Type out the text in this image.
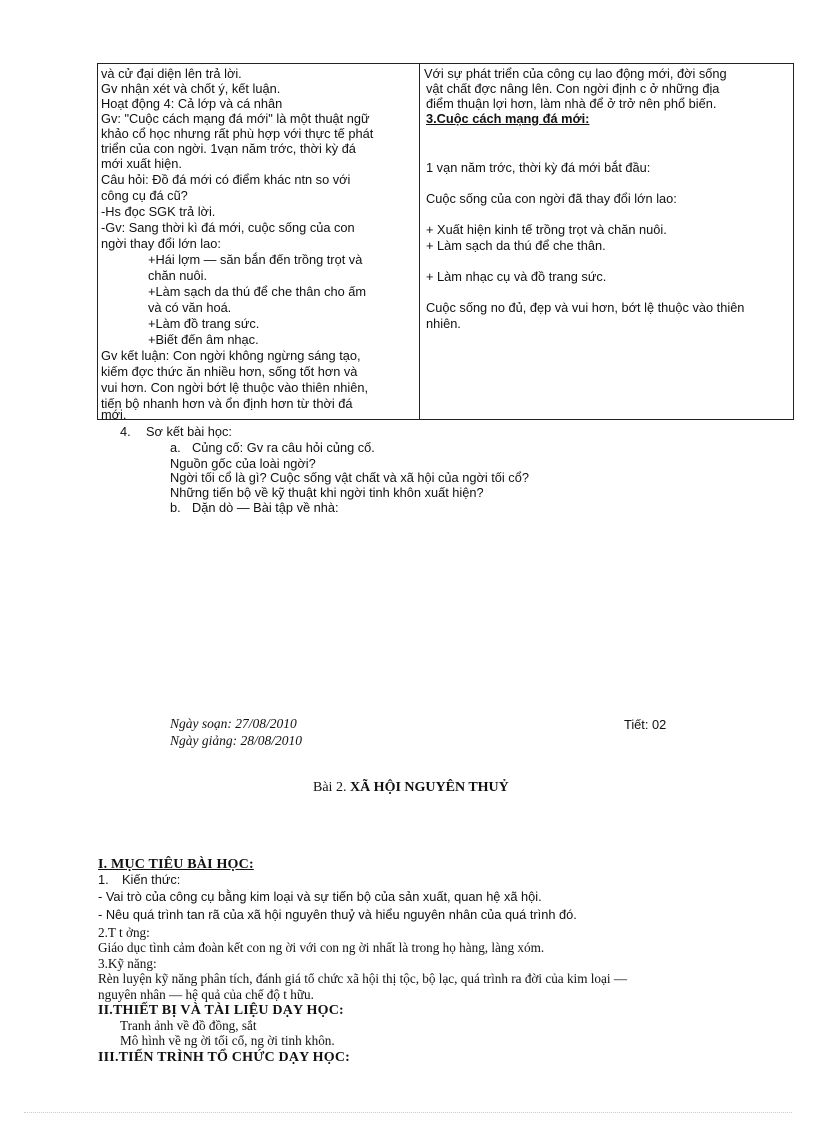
và cử đại diện lên trả lời.
Gv nhận xét và chốt ý, kết luận.
Hoạt động 4: Cả lớp và cá nhân
Gv: "Cuộc cách mạng đá mới" là một thuật ngữ
khảo cổ học nhưng rất phù hợp với thực tế phát
triển của con ngời. 1vạn năm trớc, thời kỳ đá
mới xuất hiện.
Câu hỏi: Đồ đá mới có điểm khác ntn so với
công cụ đá cũ?
-Hs đọc SGK trả lời.
-Gv: Sang thời kì đá mới, cuộc sống của con
ngời thay đổi lớn lao:
+Hái lợm — săn bắn đến trồng trọt và
chăn nuôi.
+Làm sạch da thú để che thân cho ấm
và có văn hoá.
+Làm đồ trang sức.
+Biết đến âm nhạc.
Gv kết luận: Con ngời không ngừng sáng tạo,
kiếm đợc thức ăn nhiều hơn, sống tốt hơn và
vui hơn. Con ngời bớt lệ thuộc vào thiên nhiên,
tiến bộ nhanh hơn và ổn định hơn từ thời đá
mới.

Với sự phát triển của công cụ lao động mới, đời sống
vật chất đợc nâng lên. Con ngời định c ở những địa
điểm thuận lợi hơn, làm nhà để ở trở nên phổ biến.
3.Cuộc cách mạng đá mới:
1 vạn năm trớc, thời kỳ đá mới bắt đầu:
Cuộc sống của con ngời đã thay đổi lớn lao:
+ Xuất hiện kinh tế trồng trọt và chăn nuôi.
+ Làm sạch da thú để che thân.
+ Làm nhạc cụ và đồ trang sức.
Cuộc sống no đủ, đẹp và vui hơn, bớt lệ thuộc vào thiên
nhiên.
4. Sơ kết bài học:
a. Củng cố: Gv ra câu hỏi củng cố.
Nguồn gốc của loài ngời?
Ngời tối cổ là gì? Cuộc sống vật chất và xã hội của ngời tối cổ?
Những tiến bộ về kỹ thuật khi ngời tinh khôn xuất hiện?
b. Dặn dò — Bài tập về nhà:
Ngày soạn: 27/08/2010
Ngày giảng: 28/08/2010
Tiết: 02
Bài 2. XÃ HỘI NGUYÊN THUỶ
I. MỤC TIÊU BÀI HỌC:
1. Kiến thức:
- Vai trò của công cụ bằng kim loại và sự tiến bộ của sản xuất, quan hệ xã hội.
- Nêu quá trình tan rã của xã hội nguyên thuỷ và hiểu nguyên nhân của quá trình đó.
2.T t ởng:
Giáo dục tình cảm đoàn kết con ng ời với con ng ời nhất là trong họ hàng, làng xóm.
3.Kỹ năng:
Rèn luyện kỹ năng phân tích, đánh giá tổ chức xã hội thị tộc, bộ lạc, quá trình ra đời của kim loại —
nguyên nhân — hệ quả của chế độ t hữu.
II.THIẾT BỊ VÀ TÀI LIỆU DẠY HỌC:
Tranh ảnh về đồ đồng, sắt
Mô hình về ng ời tối cổ, ng ời tinh khôn.
III.TIẾN TRÌNH TỔ CHỨC DẠY HỌC:
